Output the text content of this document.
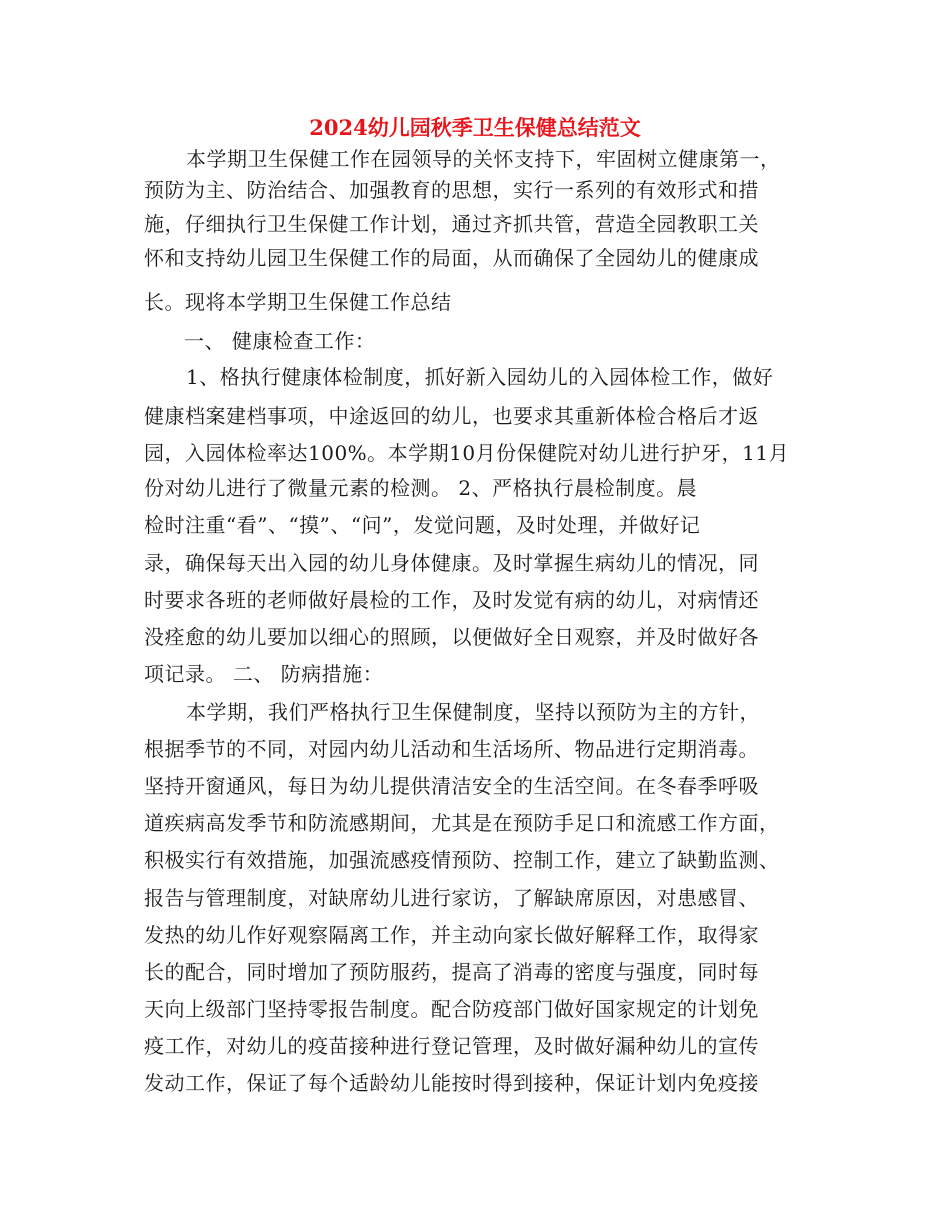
2024幼儿园秋季卫生保健总结范文
本学期卫生保健工作在园领导的关怀支持下，牢固树立健康第一，
预防为主、防治结合、加强教育的思想，实行一系列的有效形式和措
施，仔细执行卫生保健工作计划，通过齐抓共管，营造全园教职工关
怀和支持幼儿园卫生保健工作的局面，从而确保了全园幼儿的健康成
长。现将本学期卫生保健工作总结
一、 健康检查工作：
1、格执行健康体检制度，抓好新入园幼儿的入园体检工作，做好
健康档案建档事项，中途返回的幼儿，也要求其重新体检合格后才返
园，入园体检率达100%。本学期10月份保健院对幼儿进行护牙，11月
份对幼儿进行了微量元素的检测。 2、严格执行晨检制度。晨
检时注重“看”、“摸”、“问”，发觉问题，及时处理，并做好记
录，确保每天出入园的幼儿身体健康。及时掌握生病幼儿的情况，同
时要求各班的老师做好晨检的工作，及时发觉有病的幼儿，对病情还
没痊愈的幼儿要加以细心的照顾，以便做好全日观察，并及时做好各
项记录。 二、 防病措施：
本学期，我们严格执行卫生保健制度，坚持以预防为主的方针，
根据季节的不同，对园内幼儿活动和生活场所、物品进行定期消毒。
坚持开窗通风，每日为幼儿提供清洁安全的生活空间。在冬春季呼吸
道疾病高发季节和防流感期间，尤其是在预防手足口和流感工作方面，
积极实行有效措施，加强流感疫情预防、控制工作，建立了缺勤监测、
报告与管理制度，对缺席幼儿进行家访，了解缺席原因，对患感冒、
发热的幼儿作好观察隔离工作，并主动向家长做好解释工作，取得家
长的配合，同时增加了预防服药，提高了消毒的密度与强度，同时每
天向上级部门坚持零报告制度。配合防疫部门做好国家规定的计划免
疫工作，对幼儿的疫苗接种进行登记管理，及时做好漏种幼儿的宣传
发动工作，保证了每个适龄幼儿能按时得到接种，保证计划内免疫接
